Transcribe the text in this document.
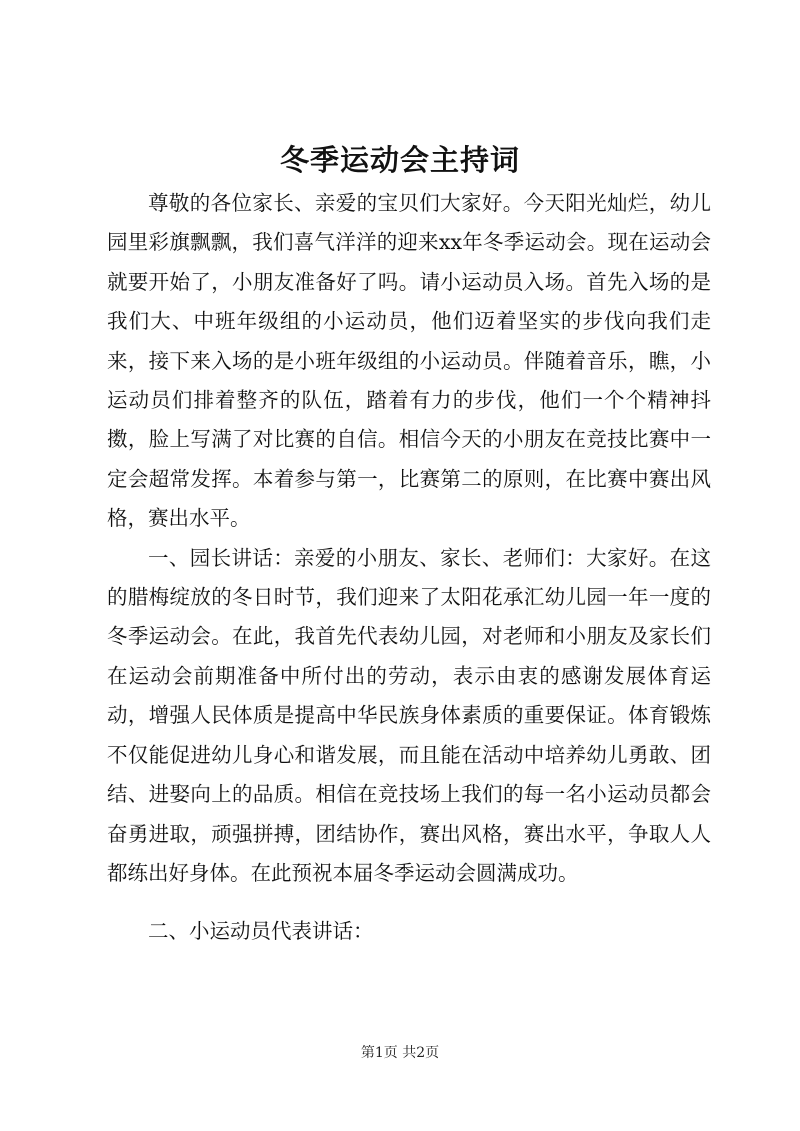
冬季运动会主持词

尊敬的各位家长、亲爱的宝贝们大家好。今天阳光灿烂，幼儿园里彩旗飘飘，我们喜气洋洋的迎来xx年冬季运动会。现在运动会就要开始了，小朋友准备好了吗。请小运动员入场。首先入场的是我们大、中班年级组的小运动员，他们迈着坚实的步伐向我们走来，接下来入场的是小班年级组的小运动员。伴随着音乐，瞧，小运动员们排着整齐的队伍，踏着有力的步伐，他们一个个精神抖擞，脸上写满了对比赛的自信。相信今天的小朋友在竞技比赛中一定会超常发挥。本着参与第一，比赛第二的原则，在比赛中赛出风格，赛出水平。

一、园长讲话：亲爱的小朋友、家长、老师们：大家好。在这的腊梅绽放的冬日时节，我们迎来了太阳花承汇幼儿园一年一度的冬季运动会。在此，我首先代表幼儿园，对老师和小朋友及家长们在运动会前期准备中所付出的劳动，表示由衷的感谢发展体育运动，增强人民体质是提高中华民族身体素质的重要保证。体育锻炼不仅能促进幼儿身心和谐发展，而且能在活动中培养幼儿勇敢、团结、进娶向上的品质。相信在竞技场上我们的每一名小运动员都会奋勇进取，顽强拼搏，团结协作，赛出风格，赛出水平，争取人人都练出好身体。在此预祝本届冬季运动会圆满成功。

二、小运动员代表讲话：

第1页 共2页
